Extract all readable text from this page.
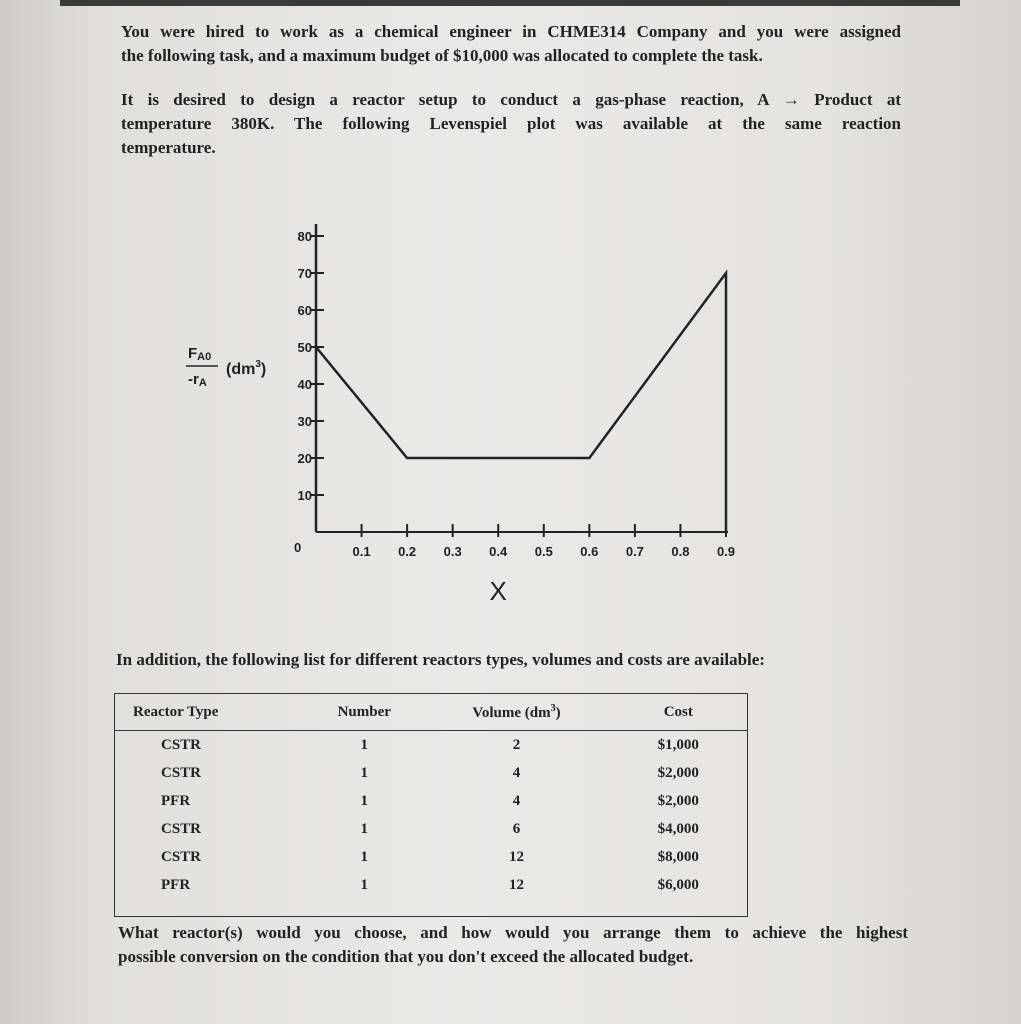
You were hired to work as a chemical engineer in CHME314 Company and you were assigned
the following task, and a maximum budget of $10,000 was allocated to complete the task.

It is desired to design a reactor setup to conduct a gas-phase reaction, A → Product at
temperature 380K. The following Levenspiel plot was available at the same reaction
temperature.

10
20
30
40
50
60
70
80
0.1 0.2 0.3 0.4 0.5 0.6 0.7 0.8 0.9
0
X
FA0
-rA
$(dm^3)$

In addition, the following list for different reactors types, volumes and costs are available:

Reactor Type	Number	Volume $(dm^3)$	Cost
CSTR	1	2	$1,000
CSTR	1	4	$2,000
PFR	1	4	$2,000
CSTR	1	6	$4,000
CSTR	1	12	$8,000
PFR	1	12	$6,000

What reactor(s) would you choose, and how would you arrange them to achieve the highest
possible conversion on the condition that you don't exceed the allocated budget.
